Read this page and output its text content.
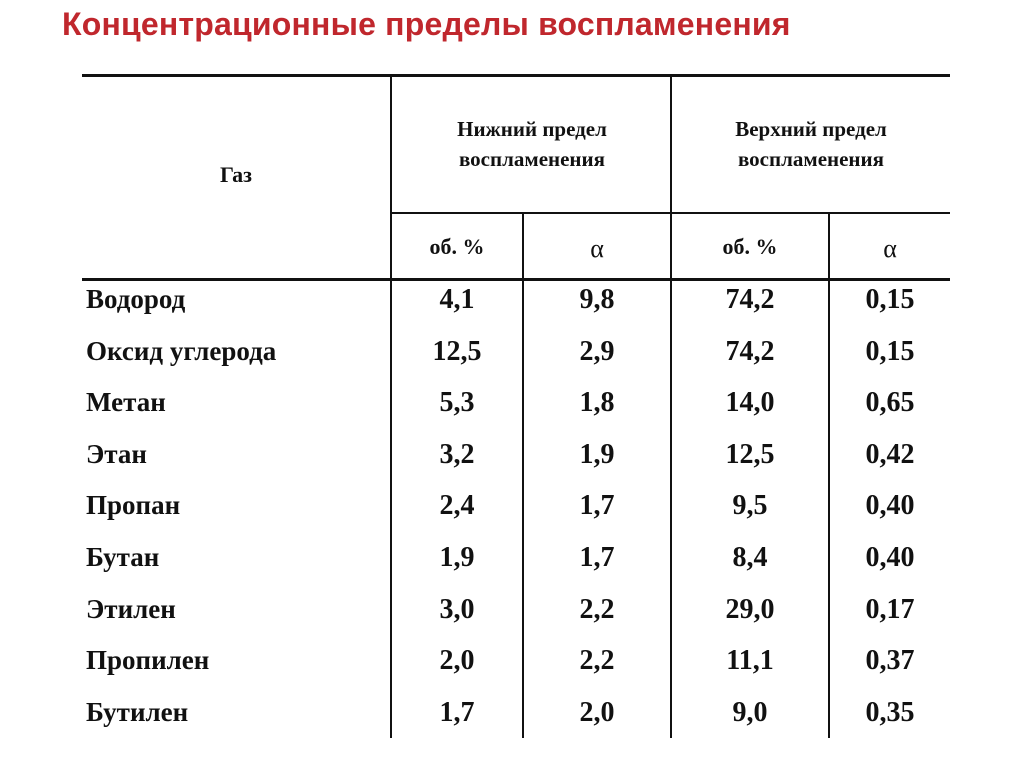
Концентрационные пределы воспламенения
Газ
Нижний предел воспламенения
Верхний предел воспламенения
об. %	α	об. %	α
Водород	4,1	9,8	74,2	0,15
Оксид углерода	12,5	2,9	74,2	0,15
Метан	5,3	1,8	14,0	0,65
Этан	3,2	1,9	12,5	0,42
Пропан	2,4	1,7	9,5	0,40
Бутан	1,9	1,7	8,4	0,40
Этилен	3,0	2,2	29,0	0,17
Пропилен	2,0	2,2	11,1	0,37
Бутилен	1,7	2,0	9,0	0,35
